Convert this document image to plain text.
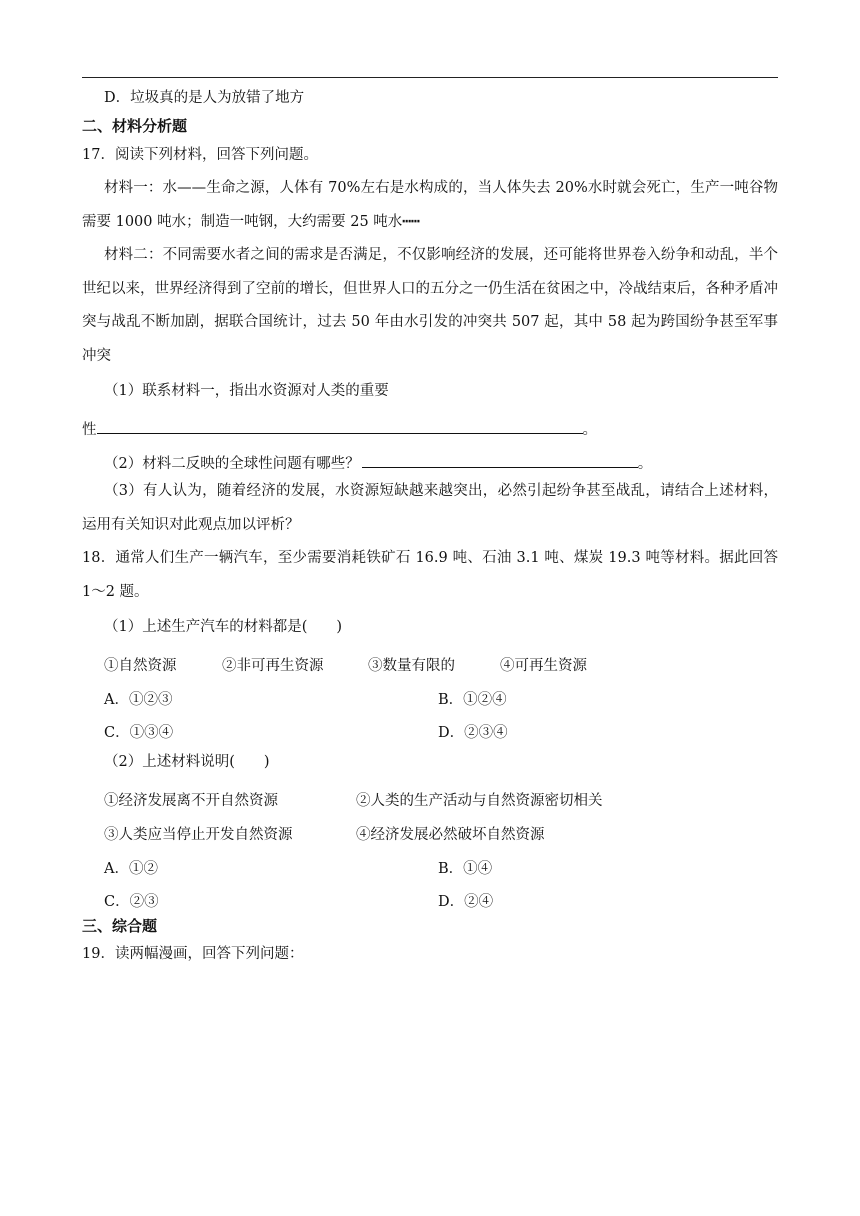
D．垃圾真的是人为放错了地方
二、材料分析题
17．阅读下列材料，回答下列问题。
材料一：水——生命之源，人体有 70%左右是水构成的，当人体失去 20%水时就会死亡，生产一吨谷物需要 1000 吨水；制造一吨钢，大约需要 25 吨水┅┅
材料二：不同需要水者之间的需求是否满足，不仅影响经济的发展，还可能将世界卷入纷争和动乱，半个世纪以来，世界经济得到了空前的增长，但世界人口的五分之一仍生活在贫困之中，冷战结束后，各种矛盾冲突与战乱不断加剧，据联合国统计，过去 50 年由水引发的冲突共 507 起，其中 58 起为跨国纷争甚至军事冲突
（1）联系材料一，指出水资源对人类的重要
性	。
（2）材料二反映的全球性问题有哪些？	。
（3）有人认为，随着经济的发展，水资源短缺越来越突出，必然引起纷争甚至战乱，请结合上述材料，运用有关知识对此观点加以评析？
18．通常人们生产一辆汽车，至少需要消耗铁矿石 16.9 吨、石油 3.1 吨、煤炭 19.3 吨等材料。据此回答 1～2 题。
（1）上述生产汽车的材料都是(　　)
①自然资源	②非可再生资源	③数量有限的	④可再生资源
A．①②③	B．①②④
C．①③④	D．②③④
（2）上述材料说明(　　)
①经济发展离不开自然资源	②人类的生产活动与自然资源密切相关
③人类应当停止开发自然资源	④经济发展必然破坏自然资源
A．①②	B．①④
C．②③	D．②④
三、综合题
19．读两幅漫画，回答下列问题：
